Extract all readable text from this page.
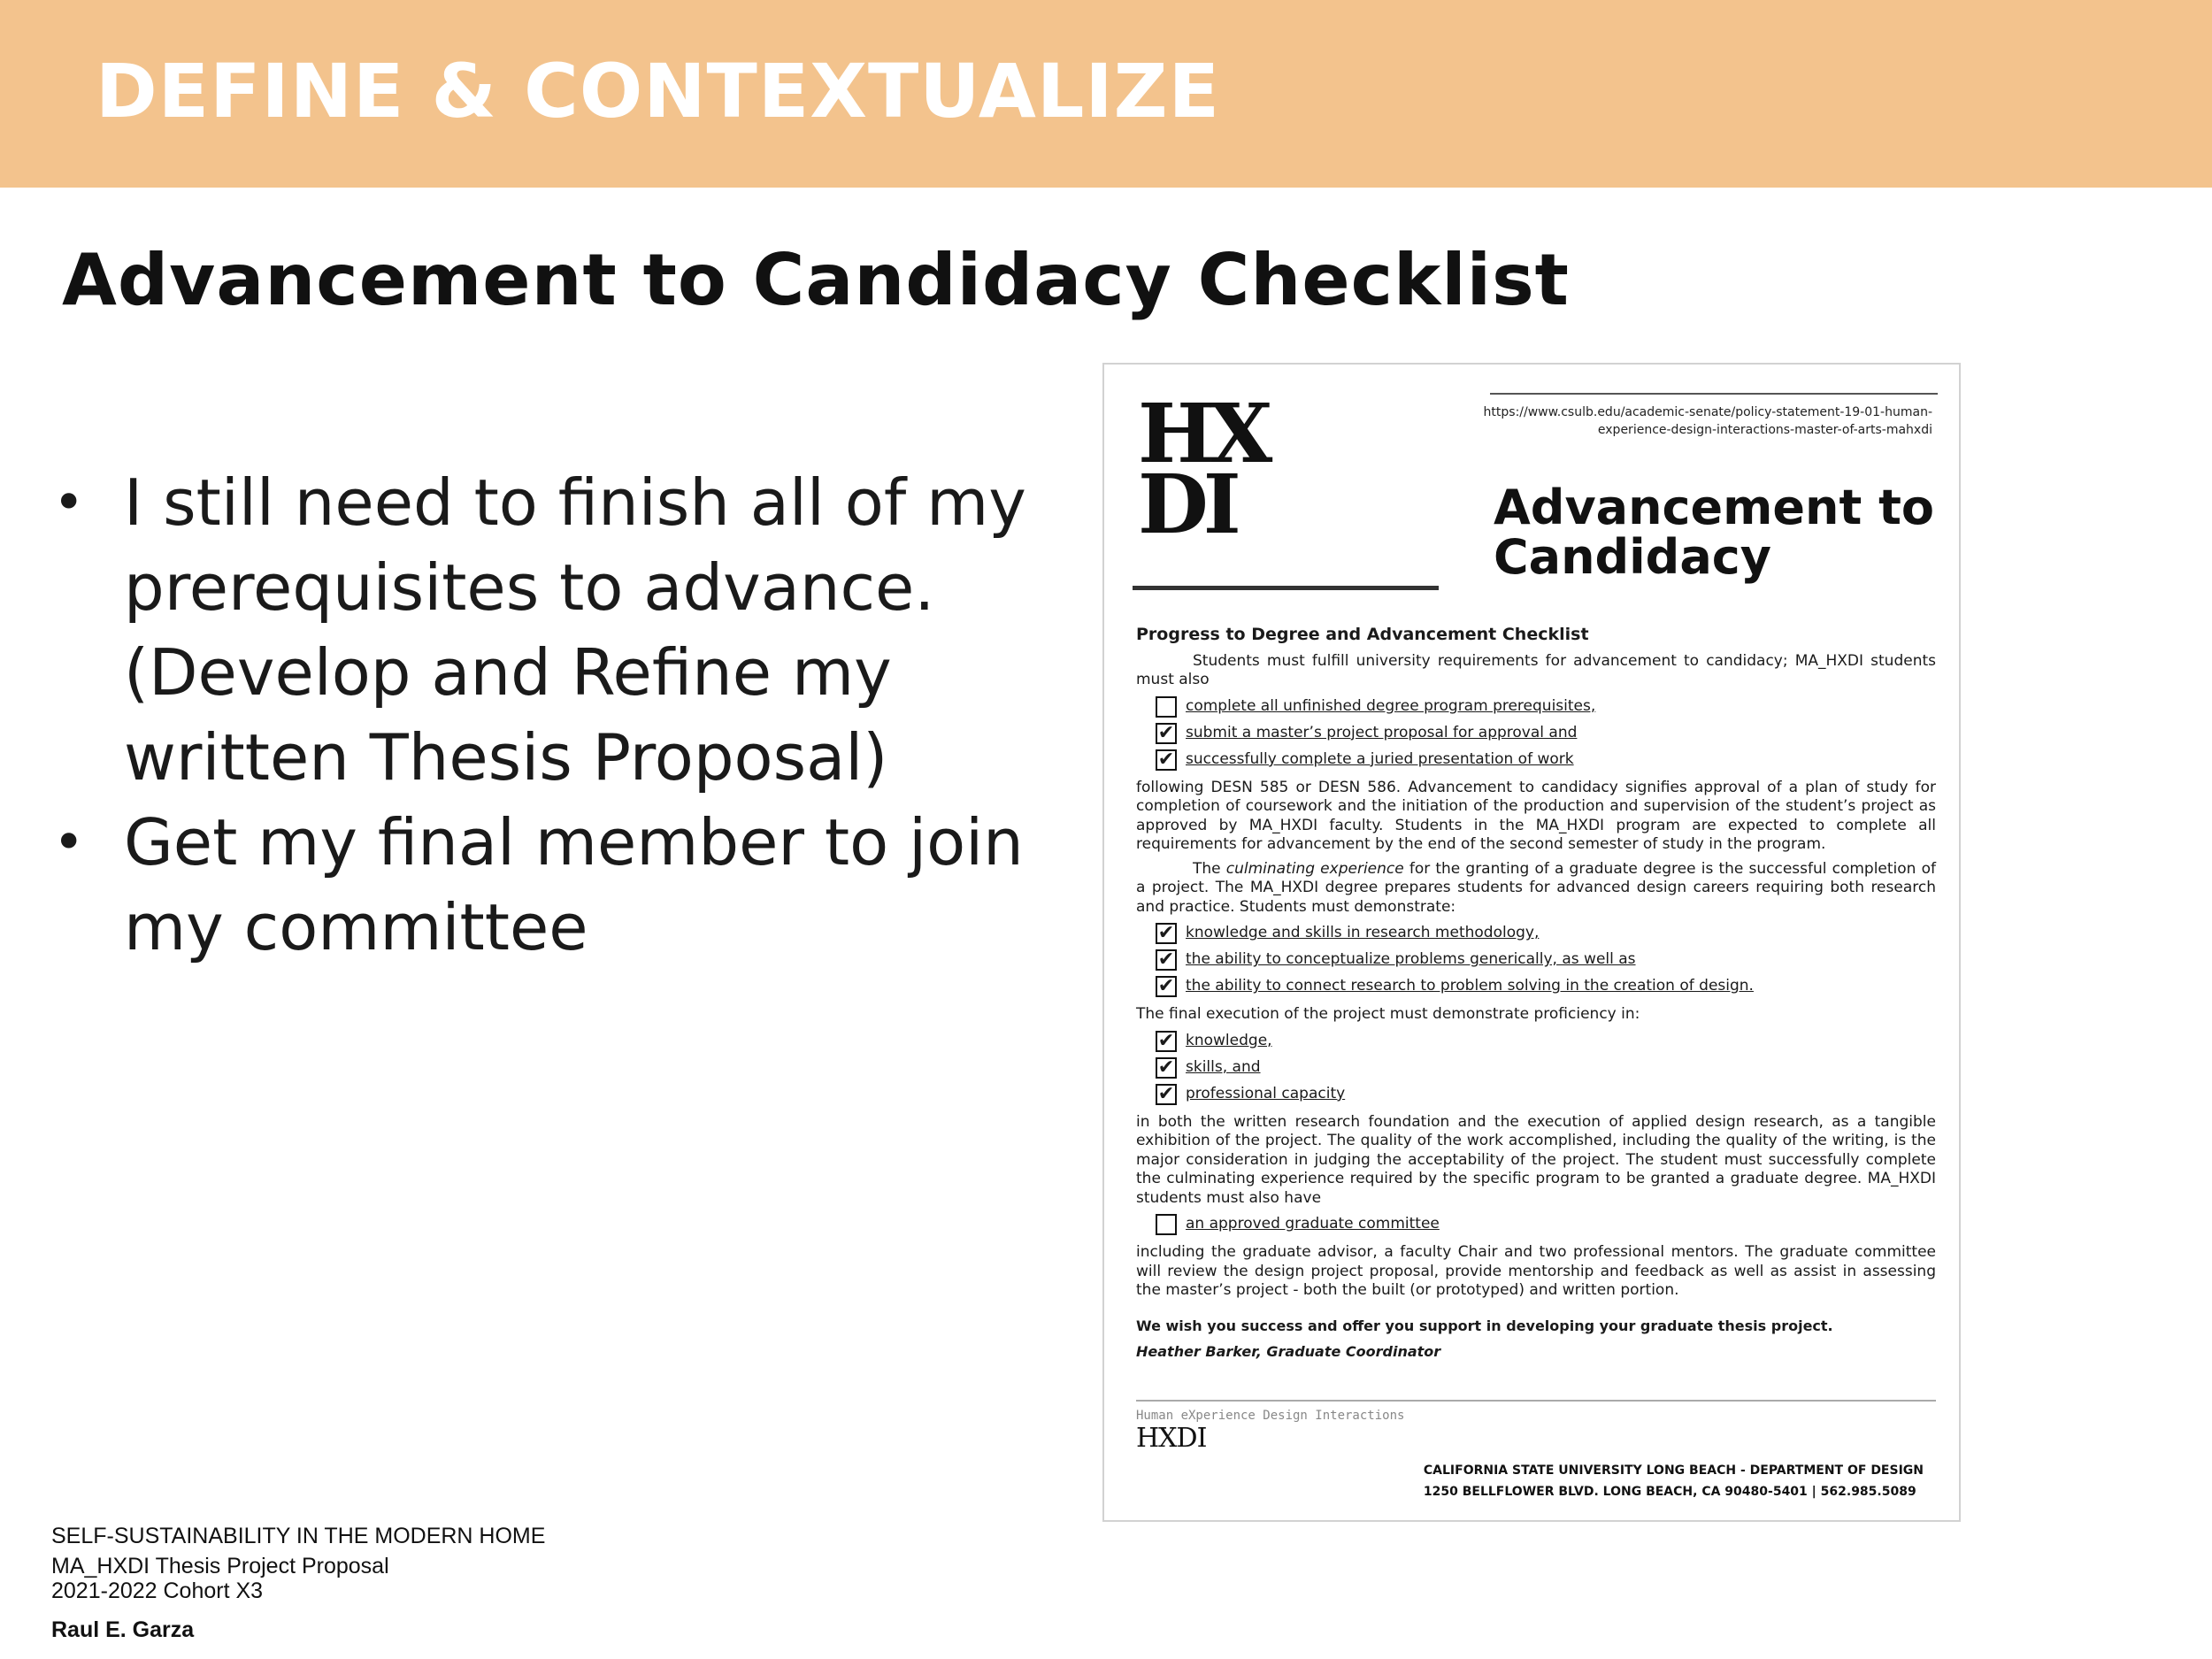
DEFINE & CONTEXTUALIZE
Advancement to Candidacy Checklist
• I still need to finish all of my prerequisites to advance. (Develop and Refine my written Thesis Proposal)
• Get my final member to join my committee
HX
DI
https://www.csulb.edu/academic-senate/policy-statement-19-01-human-experience-design-interactions-master-of-arts-mahxdi
Advancement to Candidacy
Progress to Degree and Advancement Checklist

Students must fulfill university requirements for advancement to candidacy; MA_HXDI students must also

complete all unfinished degree program prerequisites,
✔ submit a master’s project proposal for approval and
✔ successfully complete a juried presentation of work

following DESN 585 or DESN 586. Advancement to candidacy signifies approval of a plan of study for completion of coursework and the initiation of the production and supervision of the student’s project as approved by MA_HXDI faculty. Students in the MA_HXDI program are expected to complete all requirements for advancement by the end of the second semester of study in the program.

The culminating experience for the granting of a graduate degree is the successful completion of a project. The MA_HXDI degree prepares students for advanced design careers requiring both research and practice. Students must demonstrate:

✔ knowledge and skills in research methodology,
✔ the ability to conceptualize problems generically, as well as
✔ the ability to connect research to problem solving in the creation of design.

The final execution of the project must demonstrate proficiency in:

✔ knowledge,
✔ skills, and
✔ professional capacity

in both the written research foundation and the execution of applied design research, as a tangible exhibition of the project. The quality of the work accomplished, including the quality of the writing, is the major consideration in judging the acceptability of the project. The student must successfully complete the culminating experience required by the specific program to be granted a graduate degree. MA_HXDI students must also have

an approved graduate committee

including the graduate advisor, a faculty Chair and two professional mentors. The graduate committee will review the design project proposal, provide mentorship and feedback as well as assist in assessing the master’s project - both the built (or prototyped) and written portion.

We wish you success and offer you support in developing your graduate thesis project.
Heather Barker, Graduate Coordinator
Human eXperience Design Interactions
HXDI
CALIFORNIA STATE UNIVERSITY LONG BEACH - DEPARTMENT OF DESIGN
1250 BELLFLOWER BLVD. LONG BEACH, CA 90480-5401 | 562.985.5089
SELF-SUSTAINABILITY IN THE MODERN HOME
MA_HXDI Thesis Project Proposal
2021-2022 Cohort X3
Raul E. Garza
